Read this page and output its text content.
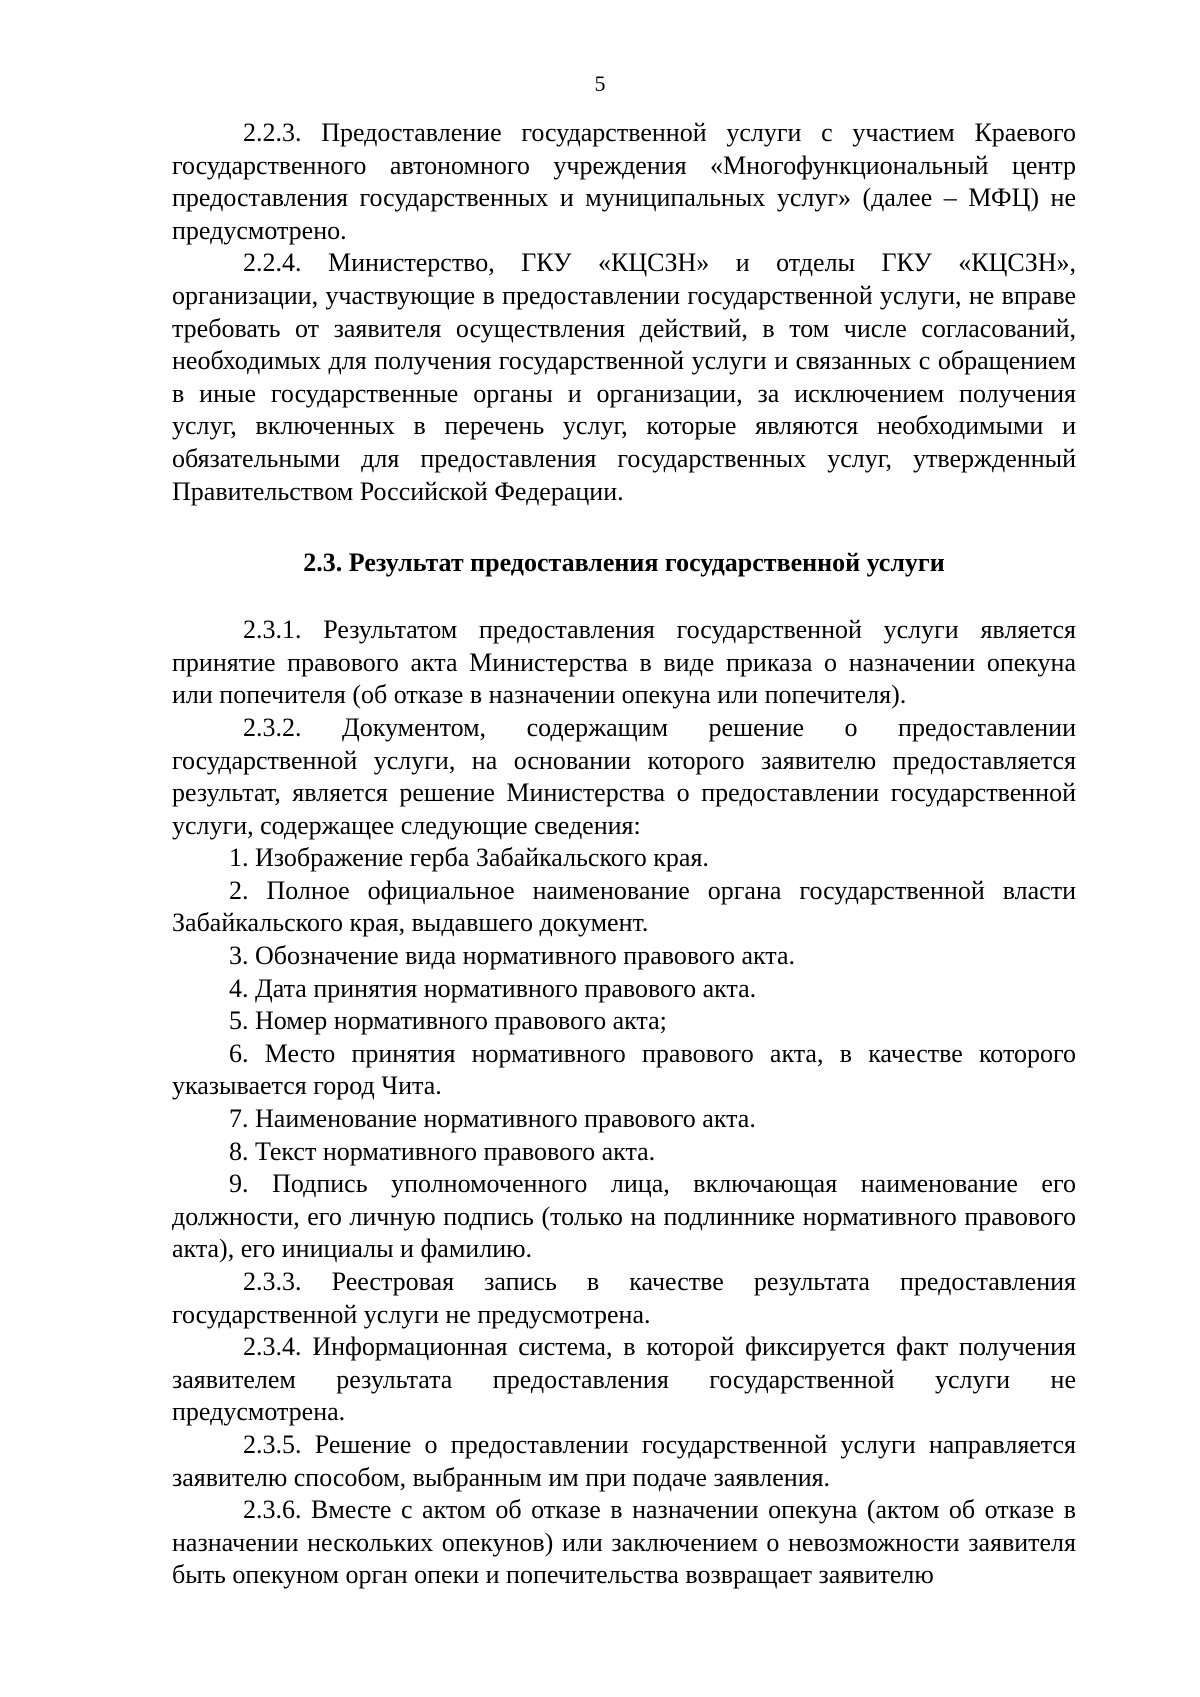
5

2.2.3. Предоставление государственной услуги с участием Краевого государственного автономного учреждения «Многофункциональный центр предоставления государственных и муниципальных услуг» (далее – МФЦ) не предусмотрено.

2.2.4. Министерство, ГКУ «КЦСЗН» и отделы ГКУ «КЦСЗН», организации, участвующие в предоставлении государственной услуги, не вправе требовать от заявителя осуществления действий, в том числе согласований, необходимых для получения государственной услуги и связанных с обращением в иные государственные органы и организации, за исключением получения услуг, включенных в перечень услуг, которые являются необходимыми и обязательными для предоставления государственных услуг, утвержденный Правительством Российской Федерации.

2.3. Результат предоставления государственной услуги

2.3.1. Результатом предоставления государственной услуги является принятие правового акта Министерства в виде приказа о назначении опекуна или попечителя (об отказе в назначении опекуна или попечителя).

2.3.2. Документом, содержащим решение о предоставлении государственной услуги, на основании которого заявителю предоставляется результат, является решение Министерства о предоставлении государственной услуги, содержащее следующие сведения:

1. Изображение герба Забайкальского края.

2. Полное официальное наименование органа государственной власти Забайкальского края, выдавшего документ.

3. Обозначение вида нормативного правового акта.

4. Дата принятия нормативного правового акта.

5. Номер нормативного правового акта;

6. Место принятия нормативного правового акта, в качестве которого указывается город Чита.

7. Наименование нормативного правового акта.

8. Текст нормативного правового акта.

9. Подпись уполномоченного лица, включающая наименование его должности, его личную подпись (только на подлиннике нормативного правового акта), его инициалы и фамилию.

2.3.3. Реестровая запись в качестве результата предоставления государственной услуги не предусмотрена.

2.3.4. Информационная система, в которой фиксируется факт получения заявителем результата предоставления государственной услуги не предусмотрена.

2.3.5. Решение о предоставлении государственной услуги направляется заявителю способом, выбранным им при подаче заявления.

2.3.6. Вместе с актом об отказе в назначении опекуна (актом об отказе в назначении нескольких опекунов) или заключением о невозможности заявителя быть опекуном орган опеки и попечительства возвращает заявителю
